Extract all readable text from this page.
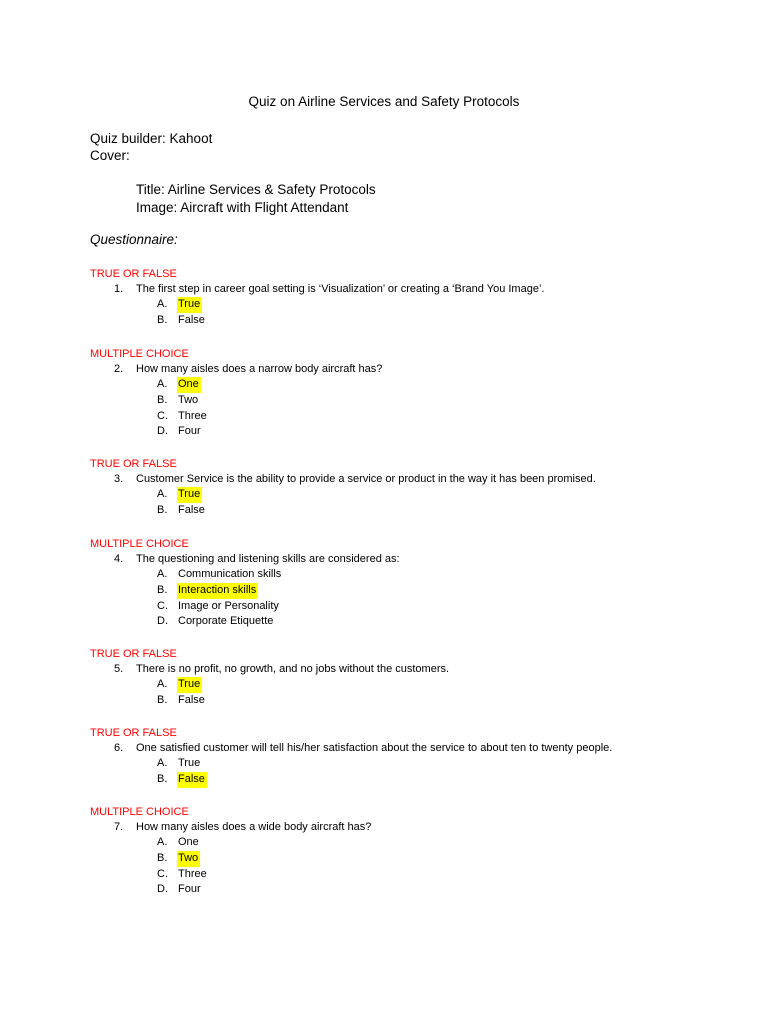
Quiz on Airline Services and Safety Protocols
Quiz builder: Kahoot
Cover:
Title: Airline Services & Safety Protocols
Image: Aircraft with Flight Attendant
Questionnaire:
TRUE OR FALSE
1. The first step in career goal setting is ‘Visualization’ or creating a ‘Brand You Image’.
A. True
B. False
MULTIPLE CHOICE
2. How many aisles does a narrow body aircraft has?
A. One
B. Two
C. Three
D. Four
TRUE OR FALSE
3. Customer Service is the ability to provide a service or product in the way it has been promised.
A. True
B. False
MULTIPLE CHOICE
4. The questioning and listening skills are considered as:
A. Communication skills
B. Interaction skills
C. Image or Personality
D. Corporate Etiquette
TRUE OR FALSE
5. There is no profit, no growth, and no jobs without the customers.
A. True
B. False
TRUE OR FALSE
6. One satisfied customer will tell his/her satisfaction about the service to about ten to twenty people.
A. True
B. False
MULTIPLE CHOICE
7. How many aisles does a wide body aircraft has?
A. One
B. Two
C. Three
D. Four
